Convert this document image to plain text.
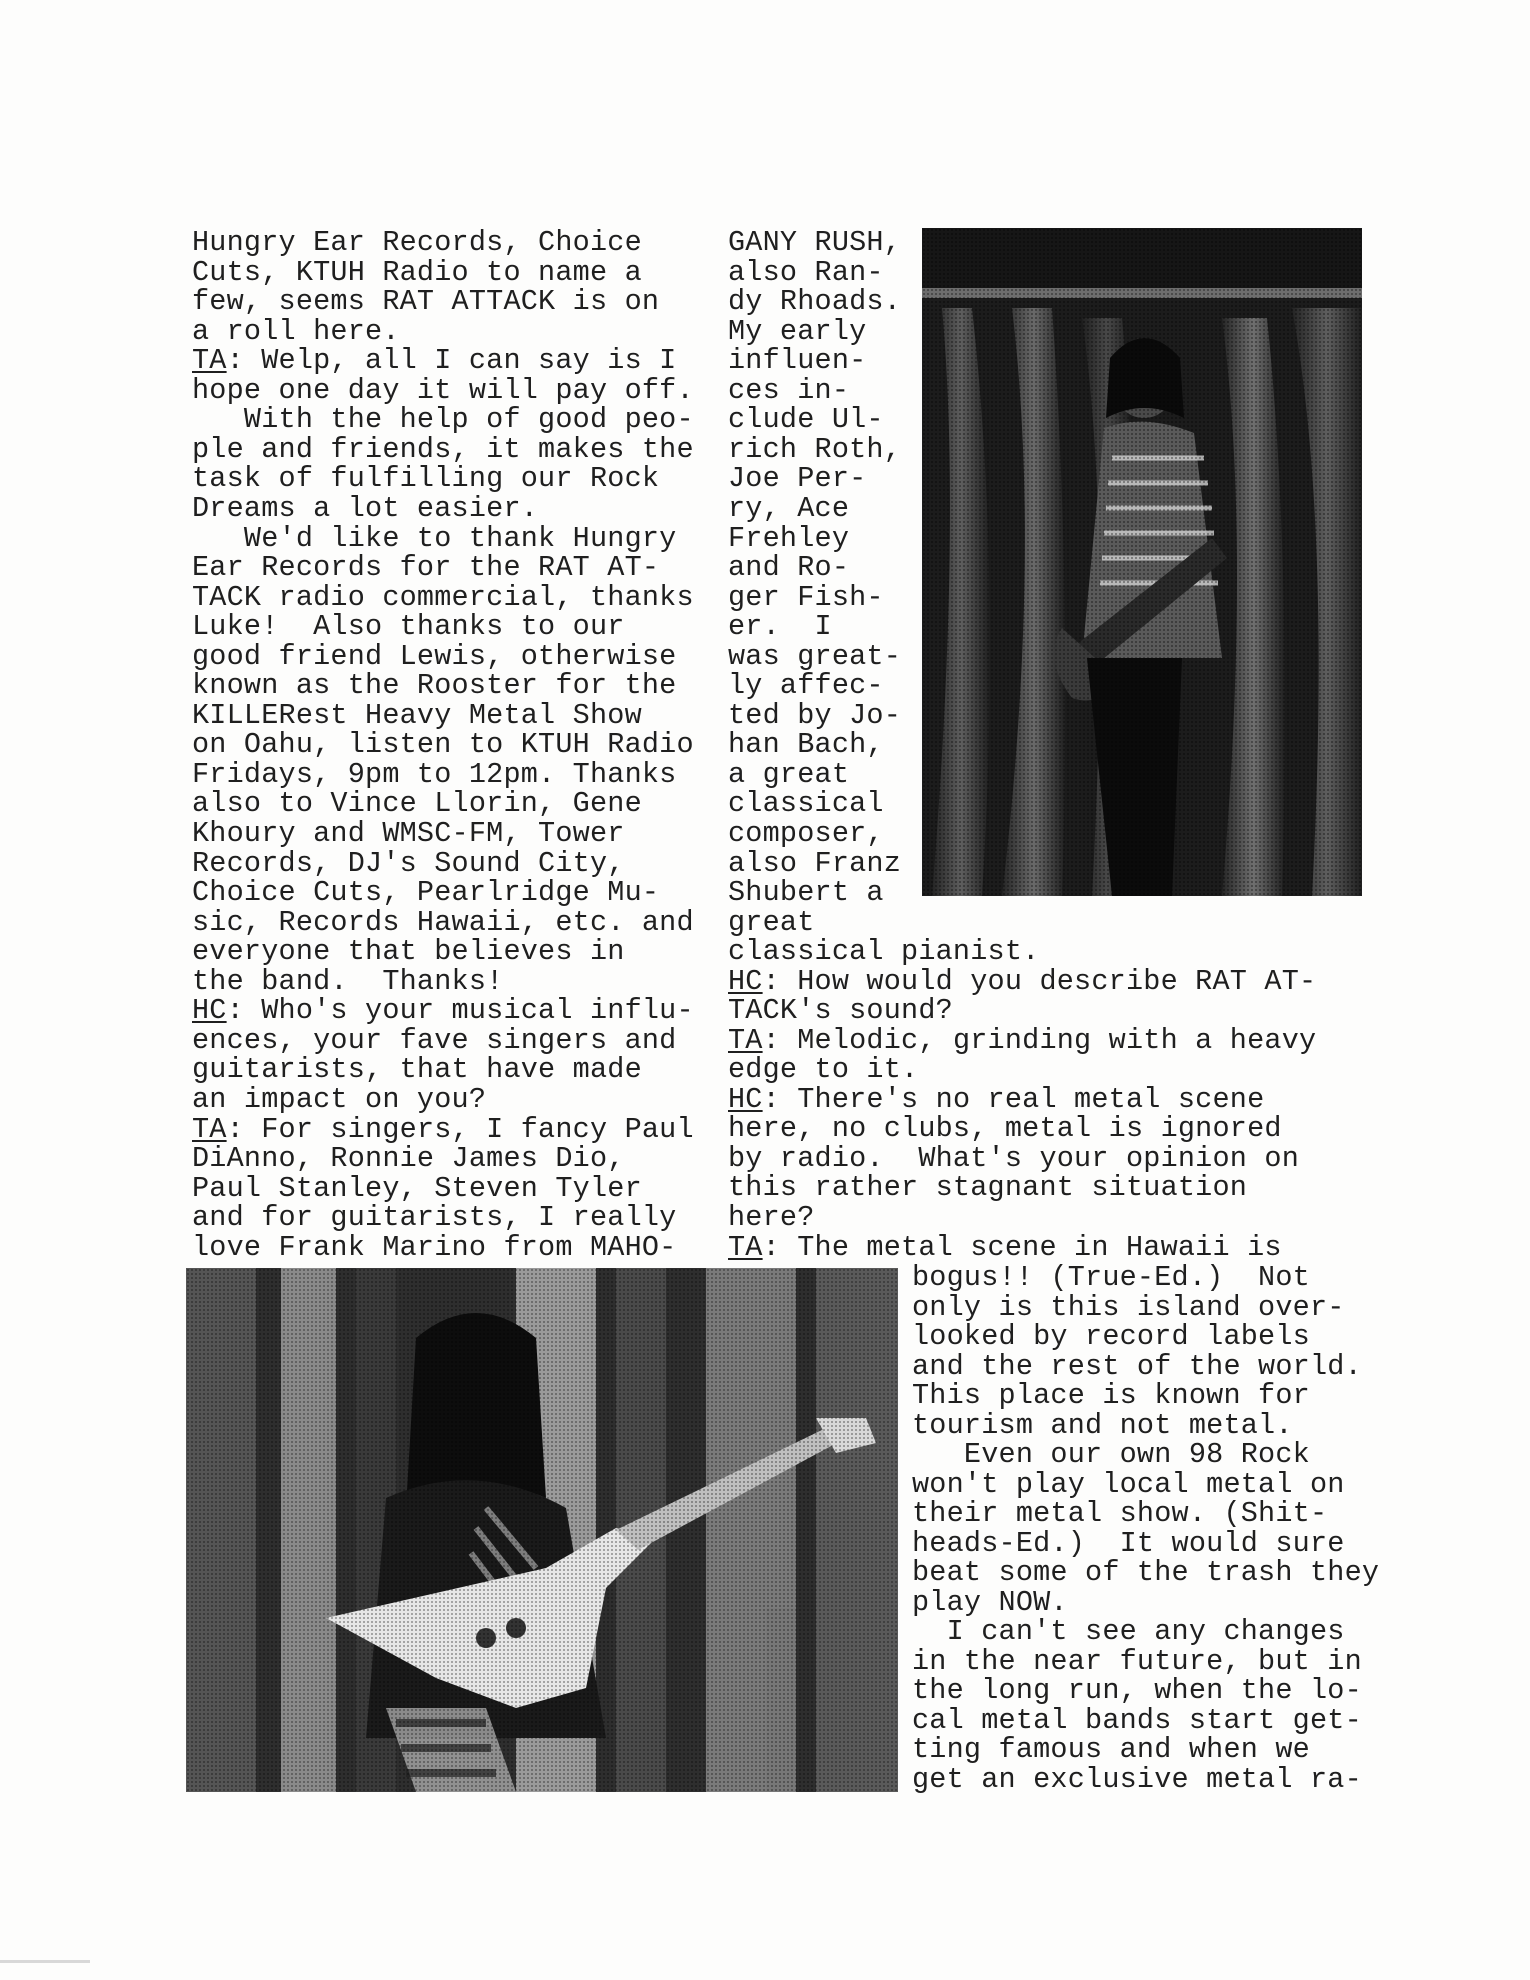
Hungry Ear Records, Choice
Cuts, KTUH Radio to name a
few, seems RAT ATTACK is on
a roll here.
TA: Welp, all I can say is I
hope one day it will pay off.
With the help of good peo-
ple and friends, it makes the
task of fulfilling our Rock
Dreams a lot easier.
We'd like to thank Hungry
Ear Records for the RAT AT-
TACK radio commercial, thanks
Luke!  Also thanks to our
good friend Lewis, otherwise
known as the Rooster for the
KILLERest Heavy Metal Show
on Oahu, listen to KTUH Radio
Fridays, 9pm to 12pm. Thanks
also to Vince Llorin, Gene
Khoury and WMSC-FM, Tower
Records, DJ's Sound City,
Choice Cuts, Pearlridge Mu-
sic, Records Hawaii, etc. and
everyone that believes in
the band.  Thanks!
HC: Who's your musical influ-
ences, your fave singers and
guitarists, that have made
an impact on you?
TA: For singers, I fancy Paul
DiAnno, Ronnie James Dio,
Paul Stanley, Steven Tyler
and for guitarists, I really
love Frank Marino from MAHO-
GANY RUSH,
also Ran-
dy Rhoads.
My early
influen-
ces in-
clude Ul-
rich Roth,
Joe Per-
ry, Ace
Frehley
and Ro-
ger Fish-
er.  I
was great-
ly affec-
ted by Jo-
han Bach,
a great
classical
composer,
also Franz
Shubert a
great
classical pianist.
HC: How would you describe RAT AT-
TACK's sound?
TA: Melodic, grinding with a heavy
edge to it.
HC: There's no real metal scene
here, no clubs, metal is ignored
by radio.  What's your opinion on
this rather stagnant situation
here?
TA: The metal scene in Hawaii is
bogus!! (True-Ed.)  Not
only is this island over-
looked by record labels
and the rest of the world.
This place is known for
tourism and not metal.
Even our own 98 Rock
won't play local metal on
their metal show. (Shit-
heads-Ed.)  It would sure
beat some of the trash they
play NOW.
I can't see any changes
in the near future, but in
the long run, when the lo-
cal metal bands start get-
ting famous and when we
get an exclusive metal ra-
